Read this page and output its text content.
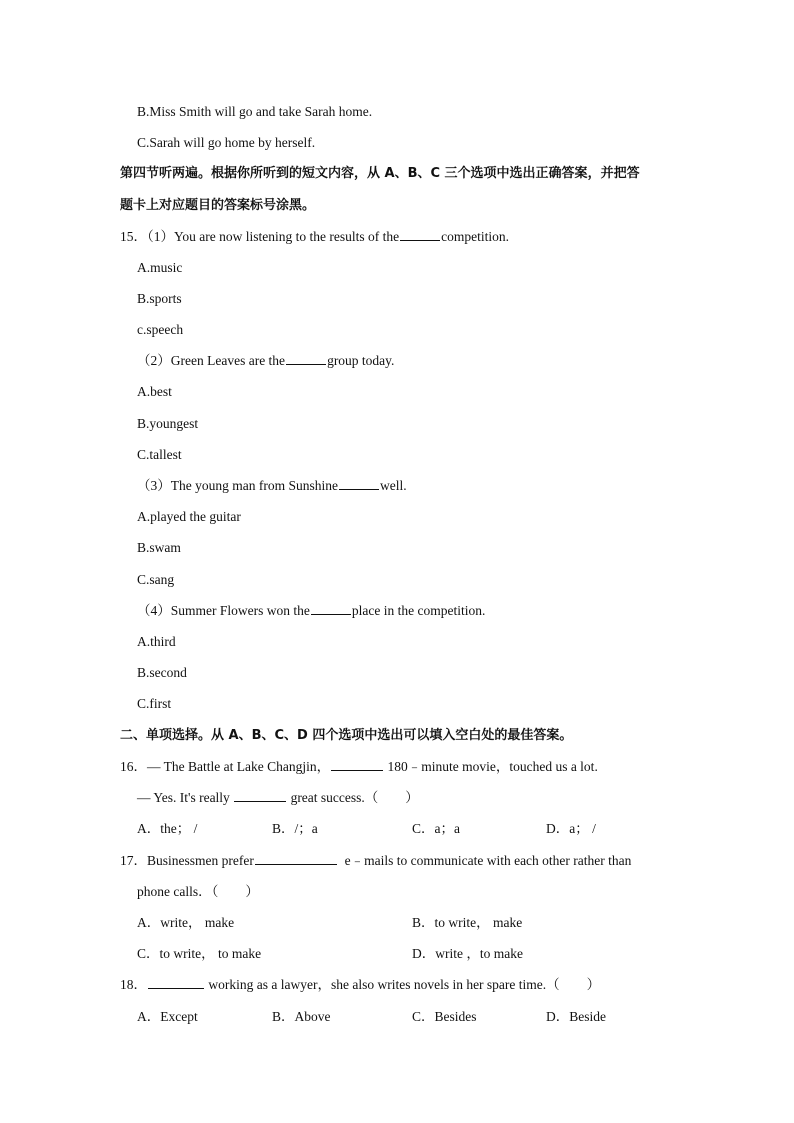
B.Miss Smith will go and take Sarah home.
C.Sarah will go home by herself.
第四节听两遍。根据你所听到的短文内容，从 A、B、C 三个选项中选出正确答案，并把答
题卡上对应题目的答案标号涂黑。
15．（1）You are now listening to the results of the	competition.
A.music
B.sports
c.speech
（2）Green Leaves are the	group today.
A.best
B.youngest
C.tallest
（3）The young man from Sunshine	well.
A.played the guitar
B.swam
C.sang
（4）Summer Flowers won the	place in the competition.
A.third
B.second
C.first
二、单项选择。从 A、B、C、D 四个选项中选出可以填入空白处的最佳答案。
16．— The Battle at Lake Changjin，	180﹣minute movie，touched us a lot.
— Yes. It's really	great success.（　　）
A．the； /	B．/；a	C．a；a	D．a； /
17．Businessmen prefer	e﹣mails to communicate with each other rather than
phone calls．（　　）
A．write， make	B．to write， make
C．to write， to make	D．write ，to make
18．	working as a lawyer，she also writes novels in her spare time.（　　）
A．Except	B．Above	C．Besides	D．Beside
